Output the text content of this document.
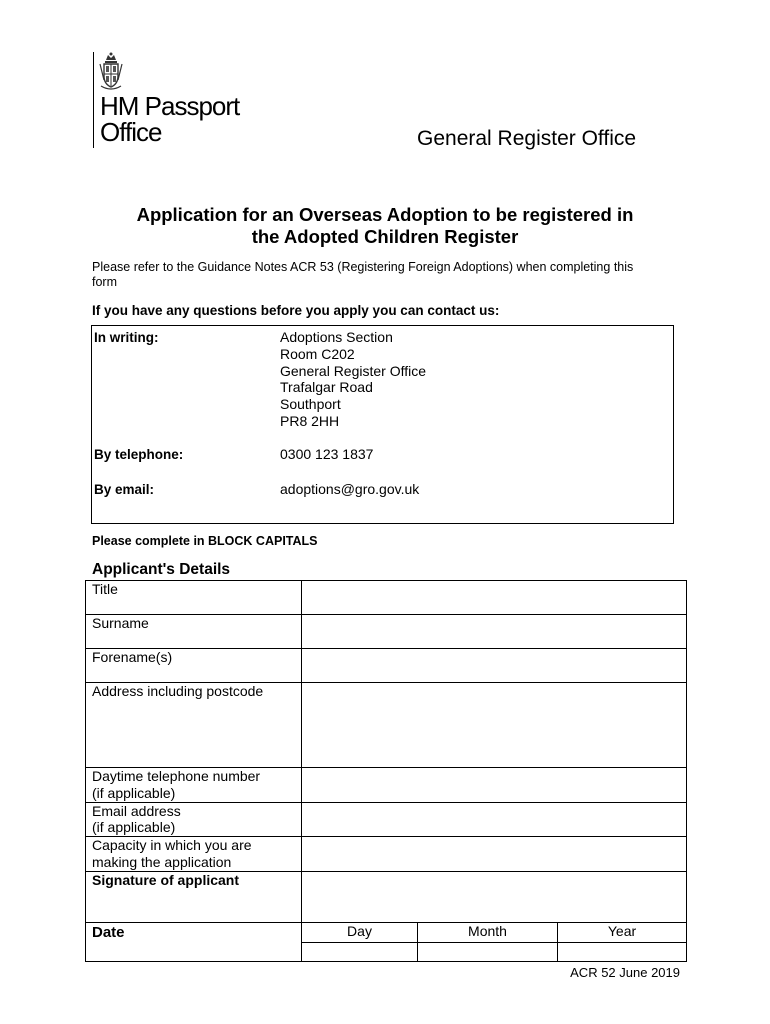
HM Passport
Office	General Register Office
Application for an Overseas Adoption to be registered in
the Adopted Children Register
Please refer to the Guidance Notes ACR 53 (Registering Foreign Adoptions) when completing this form
If you have any questions before you apply you can contact us:
In writing:	Adoptions Section
Room C202
General Register Office
Trafalgar Road
Southport
PR8 2HH
By telephone:	0300 123 1837
By email:	adoptions@gro.gov.uk
Please complete in BLOCK CAPITALS
Applicant's Details
Title			
Surname			
Forename(s)			
Address including postcode			

Daytime telephone number
(if applicable)			

Email address
(if applicable)			

Capacity in which you are
making the application			

Signature of applicant			
Date	Day	Month	Year

ACR 52 June 2019
